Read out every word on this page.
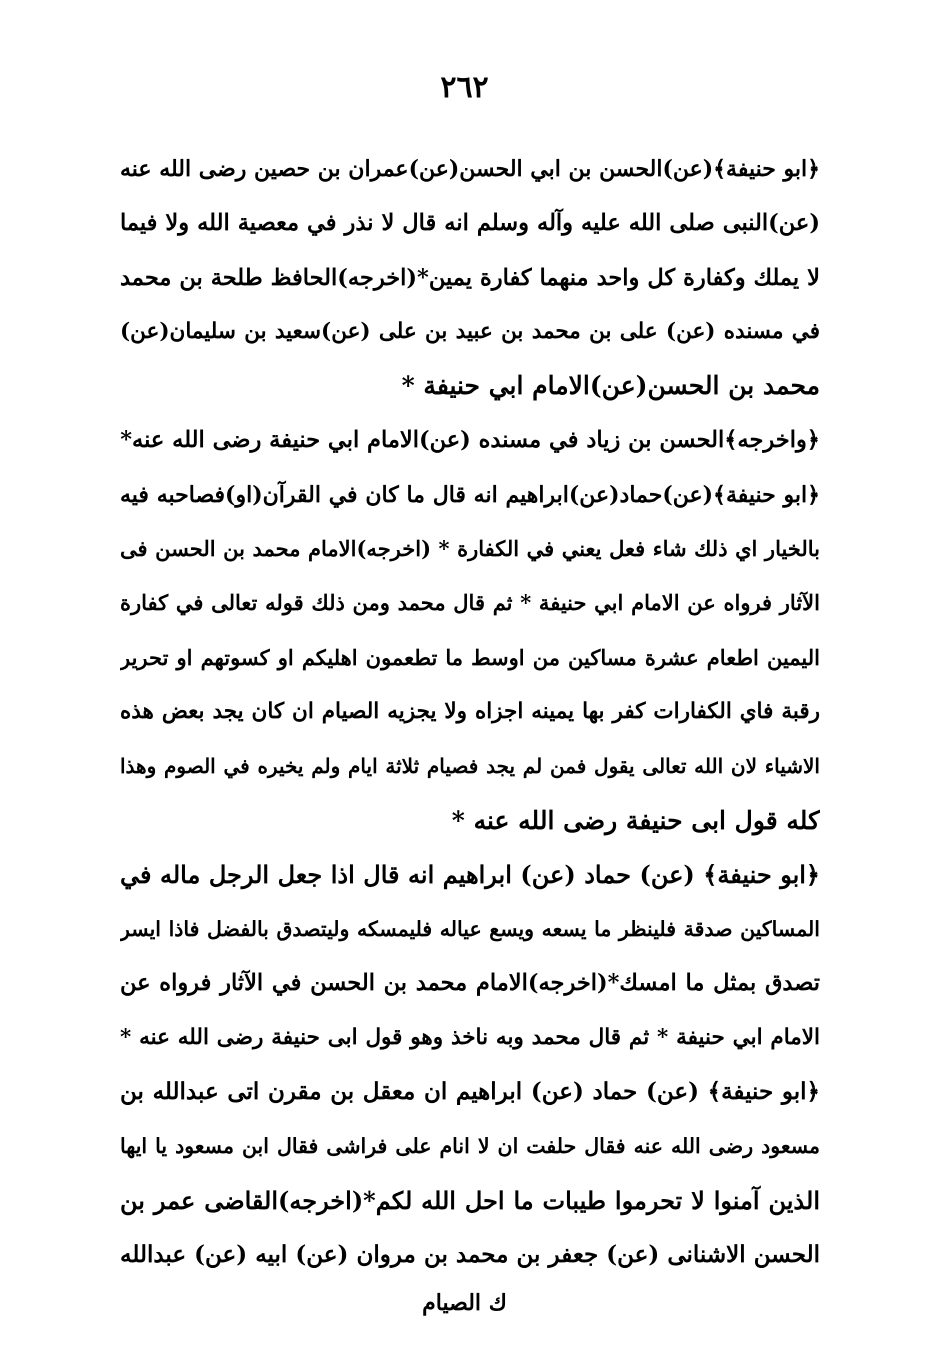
٢٦٢
﴿ابو حنيفة﴾(عن)الحسن بن ابي الحسن(عن)عمران بن حصين رضى الله عنه
(عن)النبى صلى الله عليه وآله وسلم انه قال لا نذر في معصية الله ولا فيما
لا يملك وكفارة كل واحد منهما كفارة يمين*(اخرجه)الحافظ طلحة بن محمد
في مسنده (عن) على بن محمد بن عبيد بن على (عن)سعيد بن سليمان(عن)
محمد بن الحسن(عن)الامام ابي حنيفة *
﴿واخرجه﴾الحسن بن زياد في مسنده (عن)الامام ابي حنيفة رضى الله عنه*
﴿ابو حنيفة﴾(عن)حماد(عن)ابراهيم انه قال ما كان في القرآن(او)فصاحبه فيه
بالخيار اي ذلك شاء فعل يعني في الكفارة * (اخرجه)الامام محمد بن الحسن فى
الآثار فرواه عن الامام ابي حنيفة * ثم قال محمد ومن ذلك قوله تعالى في كفارة
اليمين اطعام عشرة مساكين من اوسط ما تطعمون اهليكم او كسوتهم او تحرير
رقبة فاي الكفارات كفر بها يمينه اجزاه ولا يجزيه الصيام ان كان يجد بعض هذه
الاشياء لان الله تعالى يقول فمن لم يجد فصيام ثلاثة ايام ولم يخيره في الصوم وهذا
كله قول ابى حنيفة رضى الله عنه *
﴿ابو حنيفة﴾ (عن) حماد (عن) ابراهيم انه قال اذا جعل الرجل ماله في
المساكين صدقة فلينظر ما يسعه ويسع عياله فليمسكه وليتصدق بالفضل فاذا ايسر
تصدق بمثل ما امسك*(اخرجه)الامام محمد بن الحسن في الآثار فرواه عن
الامام ابي حنيفة * ثم قال محمد وبه ناخذ وهو قول ابى حنيفة رضى الله عنه *
﴿ابو حنيفة﴾ (عن) حماد (عن) ابراهيم ان معقل بن مقرن اتى عبدالله بن
مسعود رضى الله عنه فقال حلفت ان لا انام على فراشى فقال ابن مسعود يا ايها
الذين آمنوا لا تحرموا طيبات ما احل الله لكم*(اخرجه)القاضى عمر بن
الحسن الاشنانى (عن) جعفر بن محمد بن مروان (عن) ابيه (عن) عبدالله
ك الصيام
